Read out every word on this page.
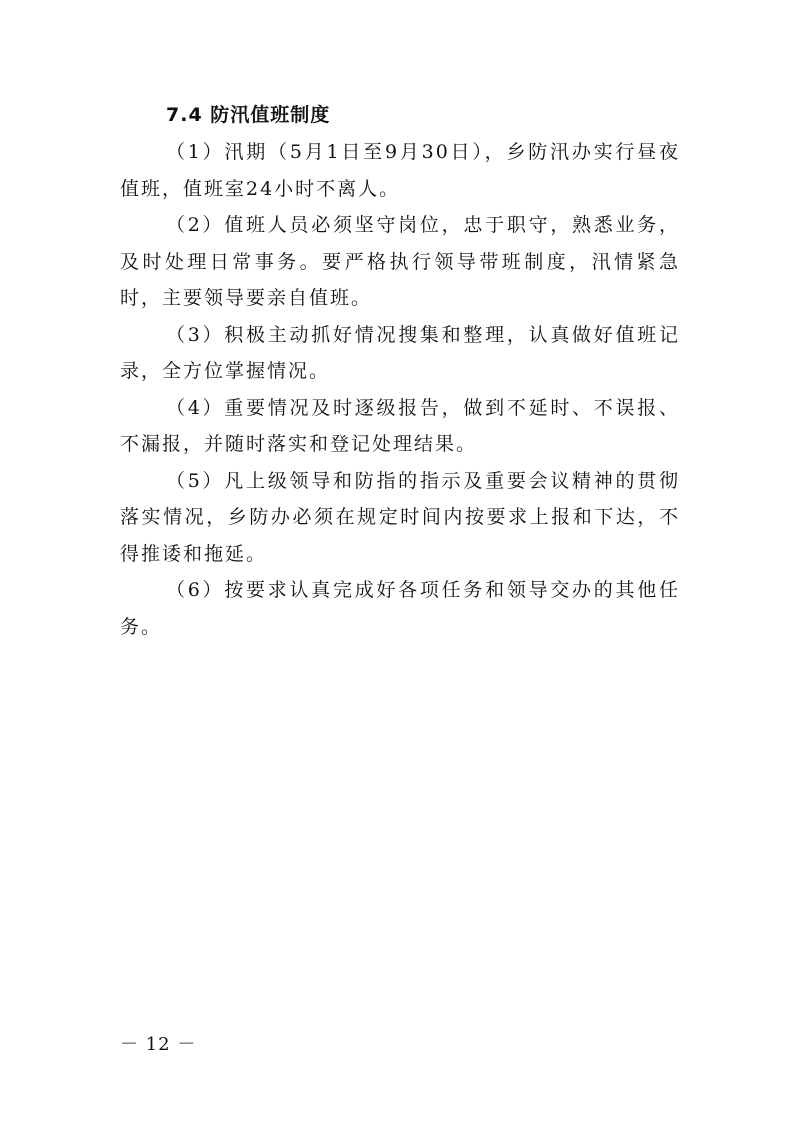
7.4 防汛值班制度

（1）汛期（5月1日至9月30日），乡防汛办实行昼夜值班，值班室24小时不离人。

（2）值班人员必须坚守岗位，忠于职守，熟悉业务，及时处理日常事务。要严格执行领导带班制度，汛情紧急时，主要领导要亲自值班。

（3）积极主动抓好情况搜集和整理，认真做好值班记录，全方位掌握情况。

（4）重要情况及时逐级报告，做到不延时、不误报、不漏报，并随时落实和登记处理结果。

（5）凡上级领导和防指的指示及重要会议精神的贯彻落实情况，乡防办必须在规定时间内按要求上报和下达，不得推诿和拖延。

（6）按要求认真完成好各项任务和领导交办的其他任务。

－ 12 －
